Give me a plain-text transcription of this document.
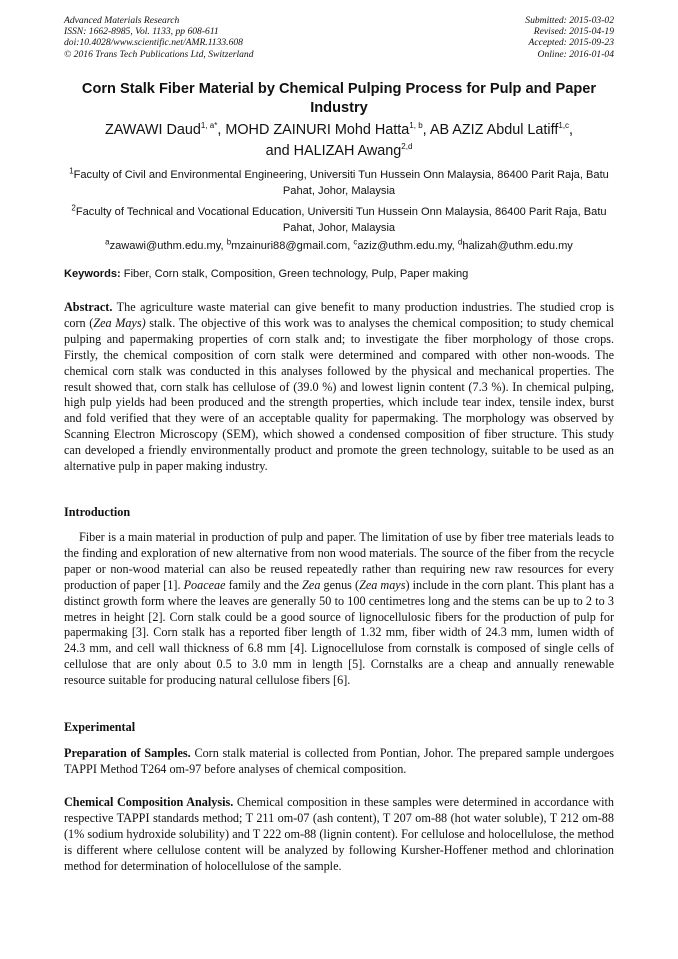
Advanced Materials Research
ISSN: 1662-8985, Vol. 1133, pp 608-611
doi:10.4028/www.scientific.net/AMR.1133.608
© 2016 Trans Tech Publications Ltd, Switzerland
Submitted: 2015-03-02
Revised: 2015-04-19
Accepted: 2015-09-23
Online: 2016-01-04
Corn Stalk Fiber Material by Chemical Pulping Process for Pulp and Paper Industry
ZAWAWI Daud$^{1, a*}$, MOHD ZAINURI Mohd Hatta$^{1, b}$, AB AZIZ Abdul Latiff$^{1,c}$,
and HALIZAH Awang$^{2,d}$
$^1$Faculty of Civil and Environmental Engineering, Universiti Tun Hussein Onn Malaysia, 86400 Parit Raja, Batu Pahat, Johor, Malaysia
$^2$Faculty of Technical and Vocational Education, Universiti Tun Hussein Onn Malaysia, 86400 Parit Raja, Batu Pahat, Johor, Malaysia
$^a$zawawi@uthm.edu.my, $^b$mzainuri88@gmail.com, $^c$aziz@uthm.edu.my, $^d$halizah@uthm.edu.my
Keywords: Fiber, Corn stalk, Composition, Green technology, Pulp, Paper making
Abstract. The agriculture waste material can give benefit to many production industries. The studied crop is corn (Zea Mays) stalk. The objective of this work was to analyses the chemical composition; to study chemical pulping and papermaking properties of corn stalk and; to investigate the fiber morphology of those crops. Firstly, the chemical composition of corn stalk were determined and compared with other non-woods. The chemical corn stalk was conducted in this analyses followed by the physical and mechanical properties. The result showed that, corn stalk has cellulose of (39.0 %) and lowest lignin content (7.3 %). In chemical pulping, high pulp yields had been produced and the strength properties, which include tear index, tensile index, burst and fold verified that they were of an acceptable quality for papermaking. The morphology was observed by Scanning Electron Microscopy (SEM), which showed a condensed composition of fiber structure. This study can developed a friendly environmentally product and promote the green technology, suitable to be used as an alternative pulp in paper making industry.
Introduction
Fiber is a main material in production of pulp and paper. The limitation of use by fiber tree materials leads to the finding and exploration of new alternative from non wood materials. The source of the fiber from the recycle paper or non-wood material can also be reused repeatedly rather than requiring new raw resources for every production of paper [1]. Poaceae family and the Zea genus (Zea mays) include in the corn plant. This plant has a distinct growth form where the leaves are generally 50 to 100 centimetres long and the stems can be up to 2 to 3 metres in height [2]. Corn stalk could be a good source of lignocellulosic fibers for the production of pulp for papermaking [3]. Corn stalk has a reported fiber length of 1.32 mm, fiber width of 24.3 mm, lumen width of 24.3 mm, and cell wall thickness of 6.8 mm [4]. Lignocellulose from cornstalk is composed of single cells of cellulose that are only about 0.5 to 3.0 mm in length [5]. Cornstalks are a cheap and annually renewable resource suitable for producing natural cellulose fibers [6].
Experimental
Preparation of Samples. Corn stalk material is collected from Pontian, Johor. The prepared sample undergoes TAPPI Method T264 om-97 before analyses of chemical composition.
Chemical Composition Analysis. Chemical composition in these samples were determined in accordance with respective TAPPI standards method; T 211 om-07 (ash content), T 207 om-88 (hot water soluble), T 212 om-88 (1% sodium hydroxide solubility) and T 222 om-88 (lignin content). For cellulose and holocellulose, the method is different where cellulose content will be analyzed by following Kursher-Hoffener method and chlorination method for determination of holocellulose of the sample.
